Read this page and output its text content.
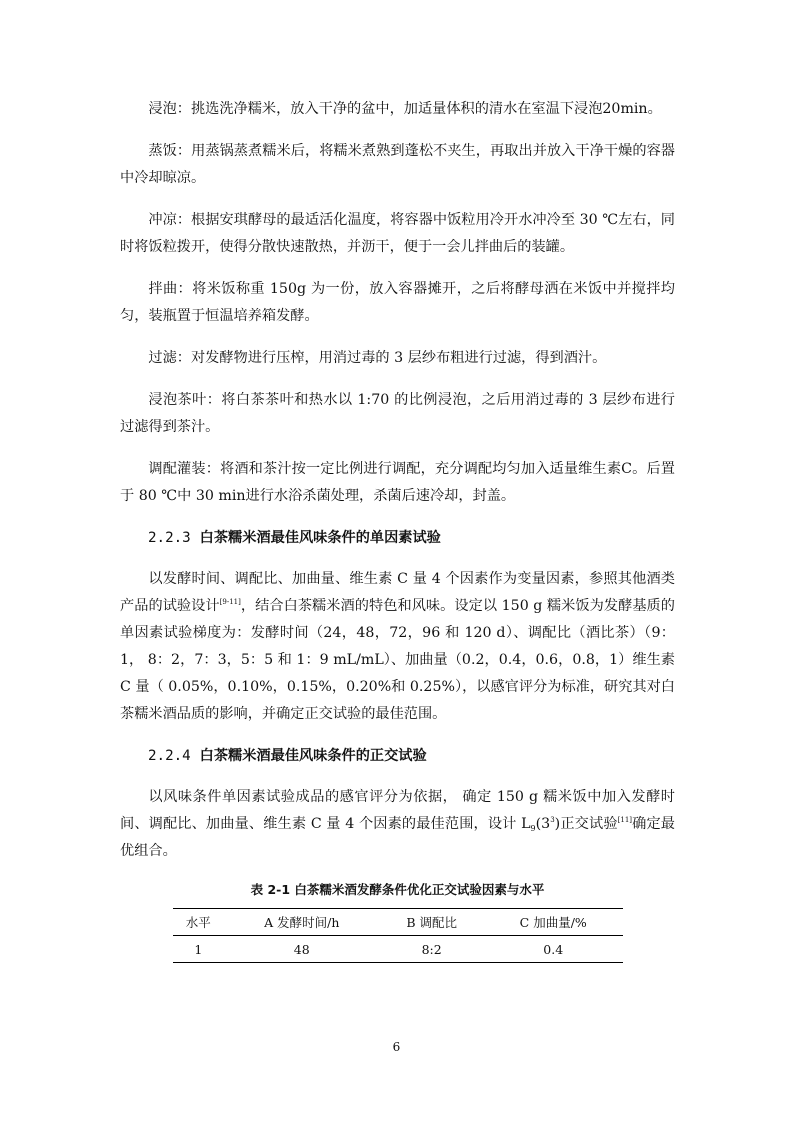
浸泡：挑选洗净糯米，放入干净的盆中，加适量体积的清水在室温下浸泡20min。

蒸饭：用蒸锅蒸煮糯米后，将糯米煮熟到蓬松不夹生，再取出并放入干净干燥的容器中冷却晾凉。

冲凉：根据安琪酵母的最适活化温度，将容器中饭粒用冷开水冲冷至 30 ℃左右，同时将饭粒拨开，使得分散快速散热，并沥干，便于一会儿拌曲后的装罐。

拌曲：将米饭称重 150g 为一份，放入容器摊开，之后将酵母洒在米饭中并搅拌均匀，装瓶置于恒温培养箱发酵。

过滤：对发酵物进行压榨，用消过毒的 3 层纱布粗进行过滤，得到酒汁。

浸泡茶叶：将白茶茶叶和热水以 1:70 的比例浸泡，之后用消过毒的 3 层纱布进行过滤得到茶汁。

调配灌装：将酒和茶汁按一定比例进行调配，充分调配均匀加入适量维生素C。后置于 80 ℃中 30 min进行水浴杀菌处理，杀菌后速冷却，封盖。

2.2.3 白茶糯米酒最佳风味条件的单因素试验

以发酵时间、调配比、加曲量、维生素 C 量 4 个因素作为变量因素，参照其他酒类产品的试验设计[9-11]，结合白茶糯米酒的特色和风味。设定以 150 g 糯米饭为发酵基质的单因素试验梯度为：发酵时间（24，48，72，96 和 120 d）、调配比（酒比茶）（9：1， 8：2，7：3，5：5 和 1：9 mL/mL）、加曲量（0.2，0.4，0.6，0.8，1）维生素 C 量（ 0.05%，0.10%，0.15%，0.20%和 0.25%），以感官评分为标准，研究其对白茶糯米酒品质的影响，并确定正交试验的最佳范围。

2.2.4 白茶糯米酒最佳风味条件的正交试验

以风味条件单因素试验成品的感官评分为依据， 确定 150 g 糯米饭中加入发酵时间、调配比、加曲量、维生素 C 量 4 个因素的最佳范围，设计 $L_9(3^3)$正交试验[11]确定最优组合。

表 2-1 白茶糯米酒发酵条件优化正交试验因素与水平
水平	A 发酵时间/h	B 调配比	C 加曲量/%
1	48	8:2	0.4
6
